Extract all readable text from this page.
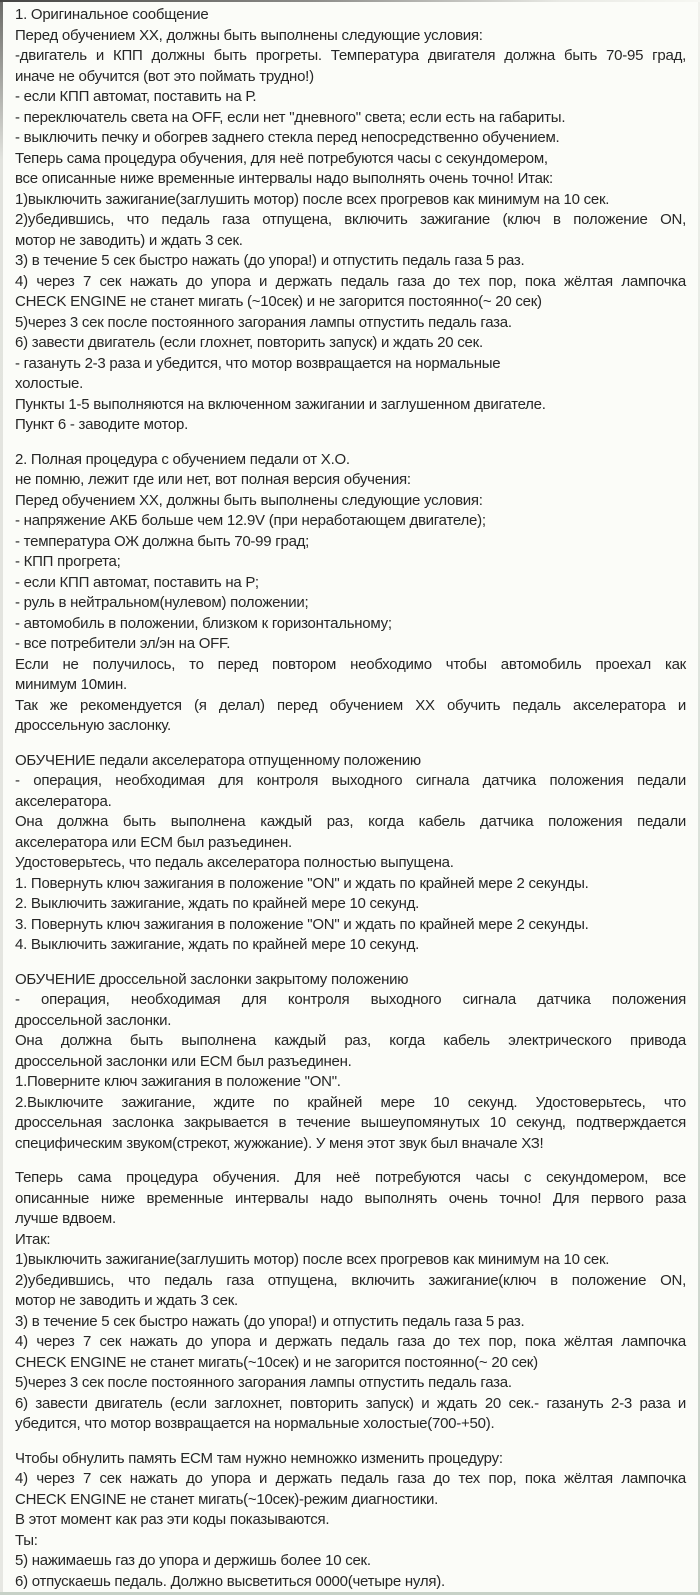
1. Оригинальное сообщение
Перед обучением ХХ, должны быть выполнены следующие условия:
-двигатель и КПП должны быть прогреты. Температура двигателя должна быть 70-95 град,
иначе не обучится (вот это поймать трудно!)
- если КПП автомат, поставить на Р.
- переключатель света на OFF, если нет "дневного" света; если есть на габариты.
- выключить печку и обогрев заднего стекла перед непосредственно обучением.
Теперь сама процедура обучения, для неё потребуются часы с секундомером,
все описанные ниже временные интервалы надо выполнять очень точно! Итак:
1)выключить зажигание(заглушить мотор) после всех прогревов как минимум на 10 сек.
2)убедившись, что педаль газа отпущена, включить зажигание (ключ в положение ON,
мотор не заводить) и ждать 3 сек.
3) в течение 5 сек быстро нажать (до упора!) и отпустить педаль газа 5 раз.
4) через 7 сек нажать до упора и держать педаль газа до тех пор, пока жёлтая лампочка
CHECK ENGINE не станет мигать (~10сек) и не загорится постоянно(~ 20 сек)
5)через 3 сек после постоянного загорания лампы отпустить педаль газа.
6) завести двигатель (если глохнет, повторить запуск) и ждать 20 сек.
- газануть 2-3 раза и убедится, что мотор возвращается на нормальные
холостые.
Пункты 1-5 выполняются на включенном зажигании и заглушенном двигателе.
Пункт 6 - заводите мотор.
2. Полная процедура с обучением педали от Х.О.
не помню, лежит где или нет, вот полная версия обучения:
Перед обучением ХХ, должны быть выполнены следующие условия:
- напряжение АКБ больше чем 12.9V (при неработающем двигателе);
- температура ОЖ должна быть 70-99 град;
- КПП прогрета;
- если КПП автомат, поставить на Р;
- руль в нейтральном(нулевом) положении;
- автомобиль в положении, близком к горизонтальному;
- все потребители эл/эн на OFF.
Если не получилось, то перед повтором необходимо чтобы автомобиль проехал как
минимум 10мин.
Так же рекомендуется (я делал) перед обучением ХХ обучить педаль акселератора и
дроссельную заслонку.
ОБУЧЕНИЕ педали акселератора отпущенному положению
- операция, необходимая для контроля выходного сигнала датчика положения педали
акселератора.
Она должна быть выполнена каждый раз, когда кабель датчика положения педали
акселератора или ECM был разъединен.
Удостоверьтесь, что педаль акселератора полностью выпущена.
1. Повернуть ключ зажигания в положение "ON" и ждать по крайней мере 2 секунды.
2. Выключить зажигание, ждать по крайней мере 10 секунд.
3. Повернуть ключ зажигания в положение "ON" и ждать по крайней мере 2 секунды.
4. Выключить зажигание, ждать по крайней мере 10 секунд.
ОБУЧЕНИЕ дроссельной заслонки закрытому положению
- операция, необходимая для контроля выходного сигнала датчика положения
дроссельной заслонки.
Она должна быть выполнена каждый раз, когда кабель электрического привода
дроссельной заслонки или ECM был разъединен.
1.Поверните ключ зажигания в положение "ON".
2.Выключите зажигание, ждите по крайней мере 10 секунд. Удостоверьтесь, что
дроссельная заслонка закрывается в течение вышеупомянутых 10 секунд, подтверждается
специфическим звуком(стрекот, жужжание). У меня этот звук был вначале ХЗ!
Теперь сама процедура обучения. Для неё потребуются часы с секундомером, все
описанные ниже временные интервалы надо выполнять очень точно! Для первого раза
лучше вдвоем.
Итак:
1)выключить зажигание(заглушить мотор) после всех прогревов как минимум на 10 сек.
2)убедившись, что педаль газа отпущена, включить зажигание(ключ в положение ON,
мотор не заводить и ждать 3 сек.
3) в течение 5 сек быстро нажать (до упора!) и отпустить педаль газа 5 раз.
4) через 7 сек нажать до упора и держать педаль газа до тех пор, пока жёлтая лампочка
CHECK ENGINE не станет мигать(~10сек) и не загорится постоянно(~ 20 сек)
5)через 3 сек после постоянного загорания лампы отпустить педаль газа.
6) завести двигатель (если заглохнет, повторить запуск) и ждать 20 сек.- газануть 2-3 раза и
убедится, что мотор возвращается на нормальные холостые(700-+50).
Чтобы обнулить память ECM там нужно немножко изменить процедуру:
4) через 7 сек нажать до упора и держать педаль газа до тех пор, пока жёлтая лампочка
CHECK ENGINE не станет мигать(~10сек)-режим диагностики.
В этот момент как раз эти коды показываются.
Ты:
5) нажимаешь газ до упора и держишь более 10 сек.
6) отпускаешь педаль. Должно высветиться 0000(четыре нуля).
